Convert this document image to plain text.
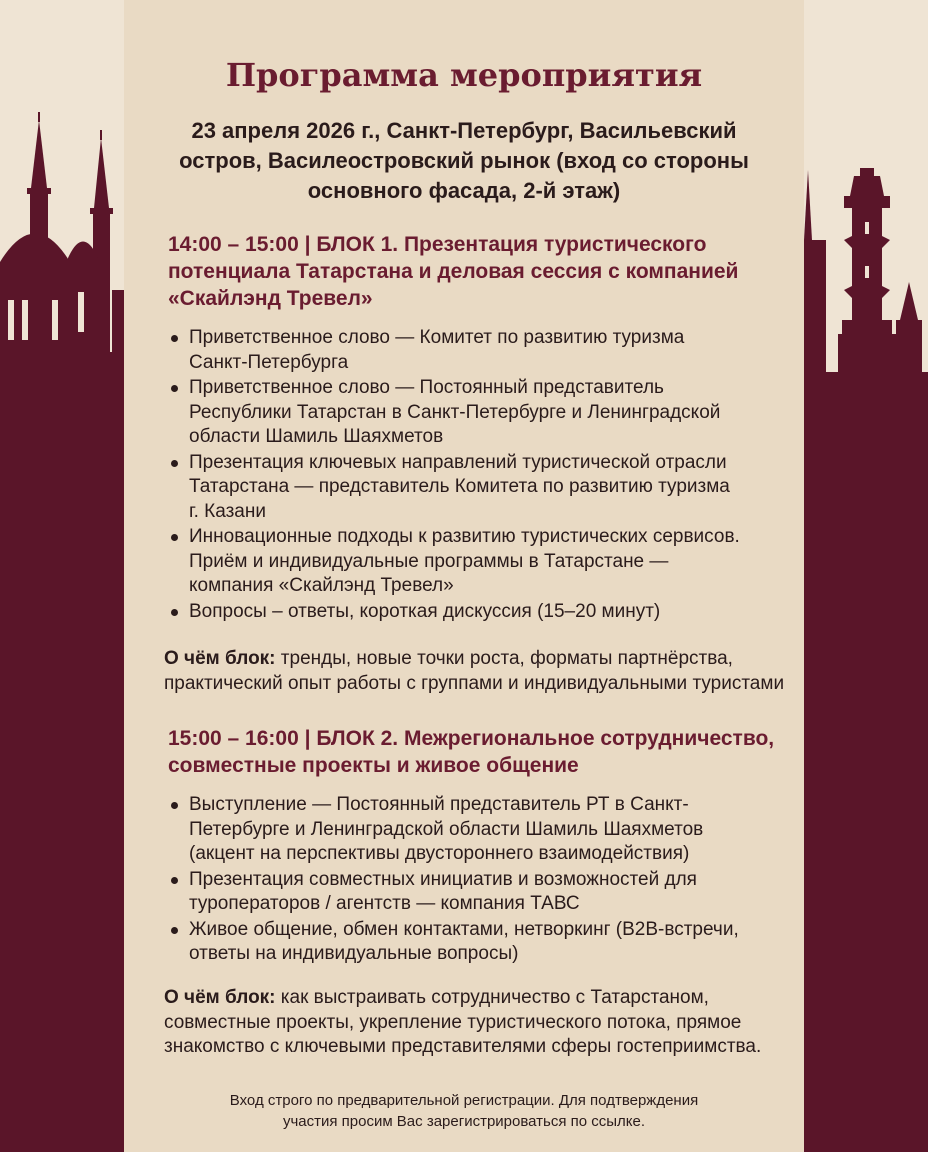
Программа мероприятия
23 апреля 2026 г., Санкт-Петербург, Васильевский
остров, Василеостровский рынок (вход со стороны
основного фасада, 2-й этаж)
14:00 – 15:00 | БЛОК 1. Презентация туристического
потенциала Татарстана и деловая сессия с компанией
«Скайлэнд Тревел»
Приветственное слово — Комитет по развитию туризма
Санкт-Петербурга
Приветственное слово — Постоянный представитель
Республики Татарстан в Санкт-Петербурге и Ленинградской
области Шамиль Шаяхметов
Презентация ключевых направлений туристической отрасли
Татарстана — представитель Комитета по развитию туризма
г. Казани
Инновационные подходы к развитию туристических сервисов.
Приём и индивидуальные программы в Татарстане —
компания «Скайлэнд Тревел»
Вопросы – ответы, короткая дискуссия (15–20 минут)
О чём блок: тренды, новые точки роста, форматы партнёрства,
практический опыт работы с группами и индивидуальными туристами
15:00 – 16:00 | БЛОК 2. Межрегиональное сотрудничество,
совместные проекты и живое общение
Выступление — Постоянный представитель РТ в Санкт-
Петербурге и Ленинградской области Шамиль Шаяхметов
(акцент на перспективы двустороннего взаимодействия)
Презентация совместных инициатив и возможностей для
туроператоров / агентств — компания ТАВС
Живое общение, обмен контактами, нетворкинг (B2B-встречи,
ответы на индивидуальные вопросы)
О чём блок: как выстраивать сотрудничество с Татарстаном,
совместные проекты, укрепление туристического потока, прямое
знакомство с ключевыми представителями сферы гостеприимства.
Вход строго по предварительной регистрации. Для подтверждения
участия просим Вас зарегистрироваться по ссылке.
